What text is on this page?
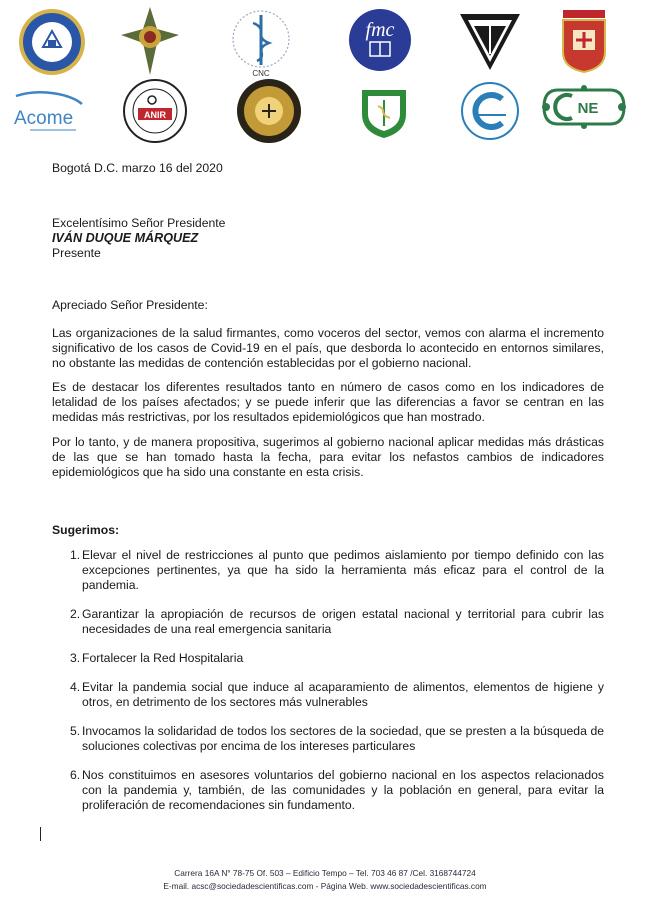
CNC
fmc
Acome	ANIR	NE
Bogotá D.C. marzo 16 del 2020
Excelentísimo Señor Presidente
IVÁN DUQUE MÁRQUEZ
Presente
Apreciado Señor Presidente:
Las organizaciones de la salud firmantes, como voceros del sector, vemos con alarma el incremento significativo de los casos de Covid-19 en el país, que desborda lo acontecido en entornos similares, no obstante las medidas de contención establecidas por el gobierno nacional.
Es de destacar los diferentes resultados tanto en número de casos como en los indicadores de letalidad de los países afectados; y se puede inferir que las diferencias a favor se centran en las medidas más restrictivas, por los resultados epidemiológicos que han mostrado.
Por lo tanto, y de manera propositiva, sugerimos al gobierno nacional aplicar medidas más drásticas de las que se han tomado hasta la fecha, para evitar los nefastos cambios de indicadores epidemiológicos que ha sido una constante en esta crisis.
Sugerimos:
1. Elevar el nivel de restricciones al punto que pedimos aislamiento por tiempo definido con las excepciones pertinentes, ya que ha sido la herramienta más eficaz para el control de la pandemia.
2. Garantizar la apropiación de recursos de origen estatal nacional y territorial para cubrir las necesidades de una real emergencia sanitaria
3. Fortalecer la Red Hospitalaria
4. Evitar la pandemia social que induce al acaparamiento de alimentos, elementos de higiene y otros, en detrimento de los sectores más vulnerables
5. Invocamos la solidaridad de todos los sectores de la sociedad, que se presten a la búsqueda de soluciones colectivas por encima de los intereses particulares
6. Nos constituimos en asesores voluntarios del gobierno nacional en los aspectos relacionados con la pandemia y, también, de las comunidades y la población en general, para evitar la proliferación de recomendaciones sin fundamento.
Carrera 16A N° 78-75 Of. 503 – Edificio Tempo – Tel. 703 46 87 /Cel. 3168744724
E-mail. acsc@sociedadescientificas.com - Página Web. www.sociedadescientificas.com
